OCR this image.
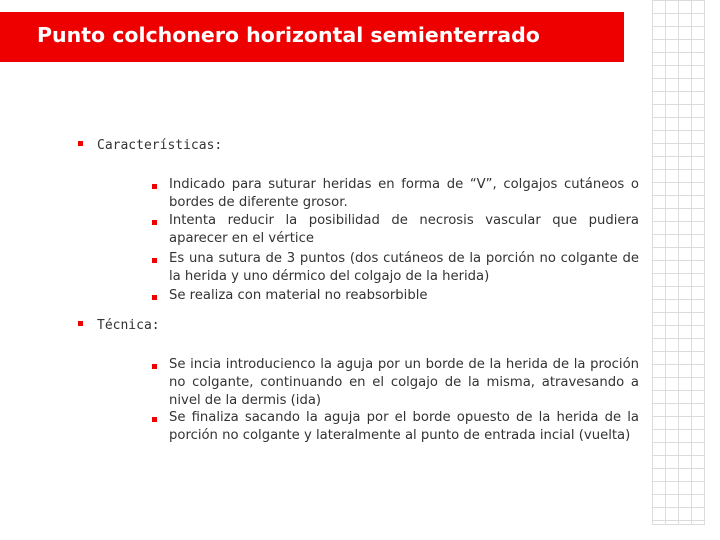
Punto colchonero horizontal semienterrado
Características:
Indicado para suturar heridas en forma de “V”, colgajos cutáneos o bordes de diferente grosor.
Intenta reducir la posibilidad de necrosis vascular que pudiera aparecer en el vértice
Es una sutura de 3 puntos (dos cutáneos de la porción no colgante de la herida y uno dérmico del colgajo de la herida)
Se realiza con material no reabsorbible
Técnica:
Se incia introducienco la aguja por un borde de la herida de la proción no colgante, continuando en el colgajo de la misma, atravesando a nivel de la dermis (ida)
Se finaliza sacando la aguja por el borde opuesto de la herida de la porción no colgante y lateralmente al punto de entrada incial (vuelta)
